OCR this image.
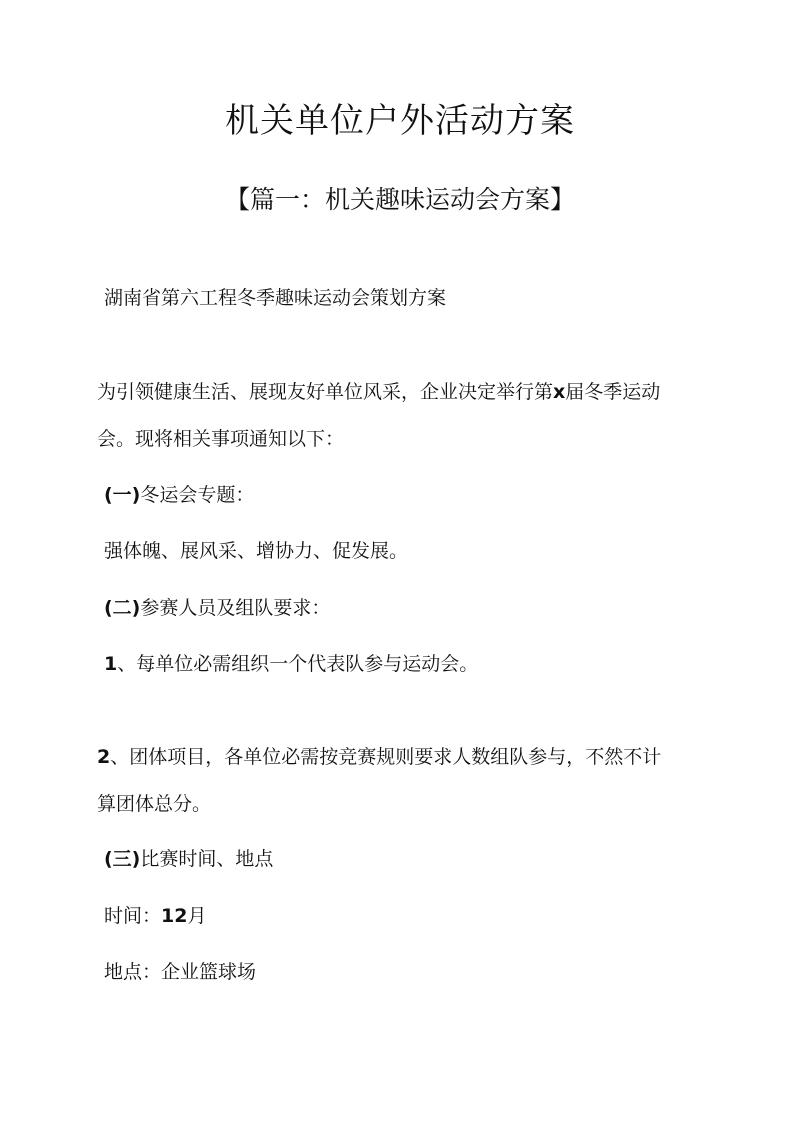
机关单位户外活动方案
【篇一：机关趣味运动会方案】
湖南省第六工程冬季趣味运动会策划方案
为引领健康生活、展现友好单位风采，企业决定举行第x届冬季运动
会。现将相关事项通知以下：
(一)冬运会专题：
强体魄、展风采、增协力、促发展。
(二)参赛人员及组队要求：
1、每单位必需组织一个代表队参与运动会。
2、团体项目，各单位必需按竞赛规则要求人数组队参与，不然不计
算团体总分。
(三)比赛时间、地点
时间：12月
地点：企业篮球场
